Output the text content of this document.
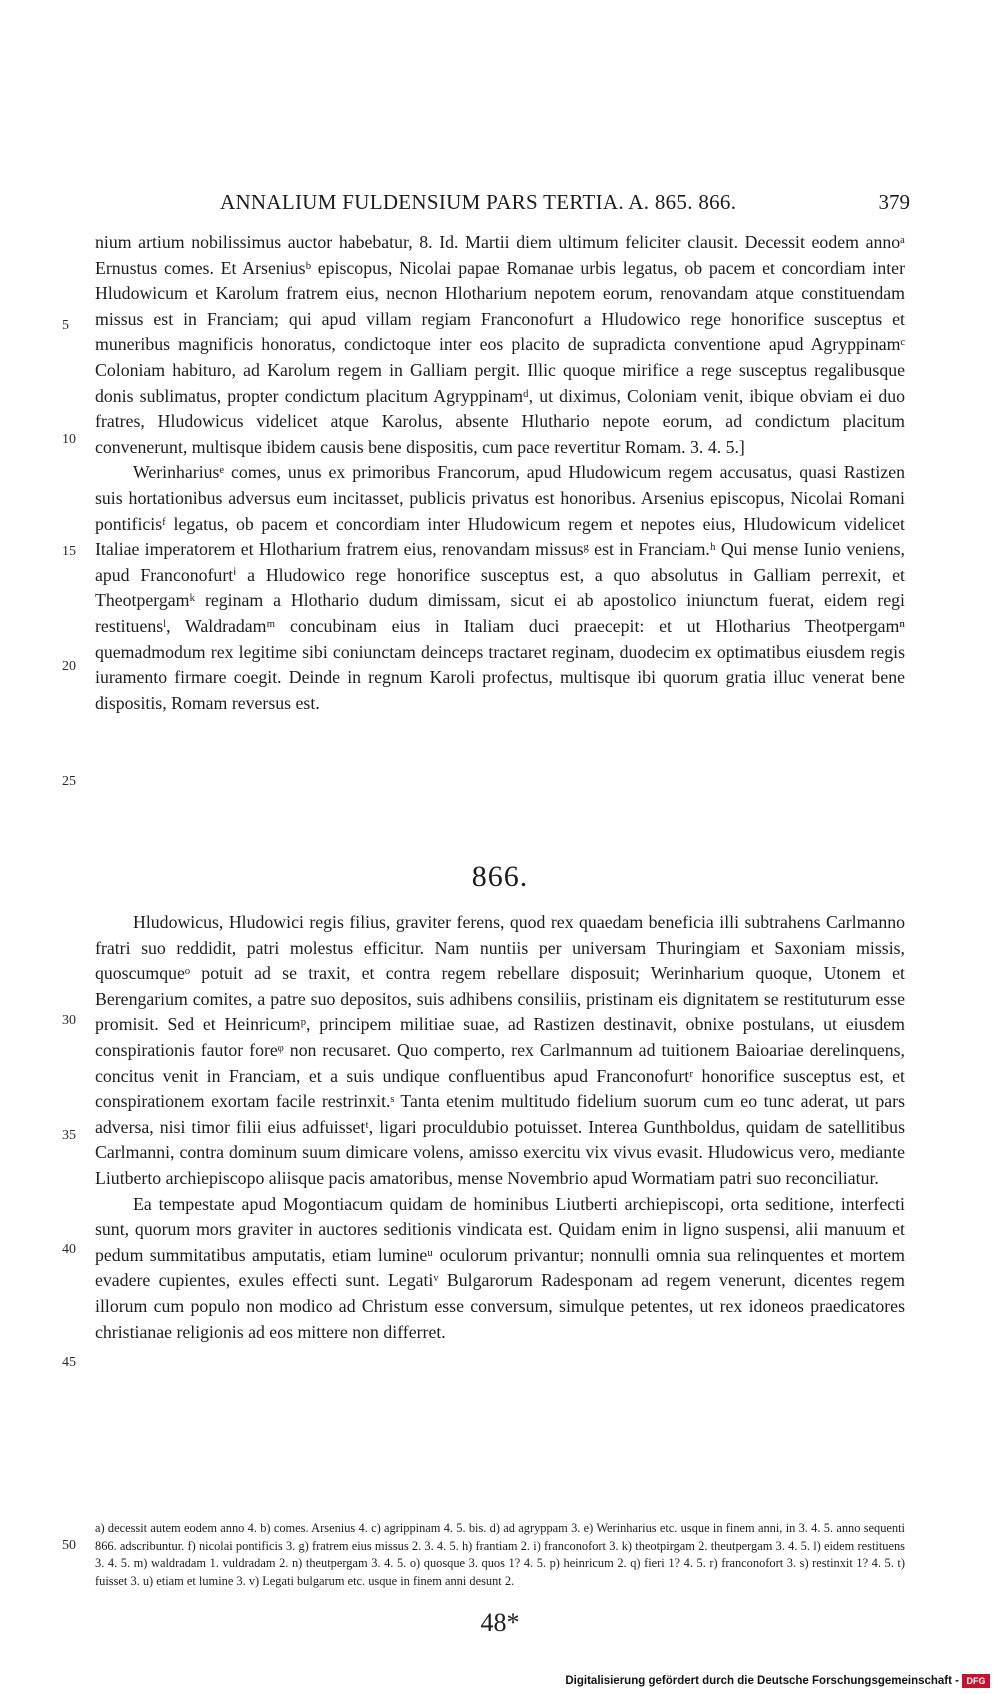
ANNALIUM FULDENSIUM PARS TERTIA. A. 865. 866.	379
5
10
15
20
25
30
35
40
45
50

nium artium nobilissimus auctor habebatur, 8. Id. Martii diem ultimum feliciter clausit. Decessit eodem annoᵃ Ernustus comes. Et Arseniusᵇ episcopus, Nicolai papae Romanae urbis legatus, ob pacem et concordiam inter Hludowicum et Karolum fratrem eius, necnon Hlotharium nepotem eorum, renovandam atque constituendam missus est in Franciam; qui apud villam regiam Franconofurt a Hludowico rege honorifice susceptus et muneribus magnificis honoratus, condictoque inter eos placito de supradicta conventione apud Agryppinamᶜ Coloniam habituro, ad Karolum regem in Galliam pergit. Illic quoque mirifice a rege susceptus regalibusque donis sublimatus, propter condictum placitum Agryppinamᵈ, ut diximus, Coloniam venit, ibique obviam ei duo fratres, Hludowicus videlicet atque Karolus, absente Hluthario nepote eorum, ad condictum placitum convenerunt, multisque ibidem causis bene dispositis, cum pace revertitur Romam. 3. 4. 5.]

Werinhariusᵉ comes, unus ex primoribus Francorum, apud Hludowicum regem accusatus, quasi Rastizen suis hortationibus adversus eum incitasset, publicis privatus est honoribus. Arsenius episcopus, Nicolai Romani pontificisᶠ legatus, ob pacem et concordiam inter Hludowicum regem et nepotes eius, Hludowicum videlicet Italiae imperatorem et Hlotharium fratrem eius, renovandam missusᵍ est in Franciam.ʰ Qui mense Iunio veniens, apud Franconofurtⁱ a Hludowico rege honorifice susceptus est, a quo absolutus in Galliam perrexit, et Theotpergamᵏ reginam a Hlothario dudum dimissam, sicut ei ab apostolico iniunctum fuerat, eidem regi restituensˡ, Waldradamᵐ concubinam eius in Italiam duci praecepit: et ut Hlotharius Theotpergamⁿ quemadmodum rex legitime sibi coniunctam deinceps tractaret reginam, duodecim ex optimatibus eiusdem regis iuramento firmare coegit. Deinde in regnum Karoli profectus, multisque ibi quorum gratia illuc venerat bene dispositis, Romam reversus est.

866.

Hludowicus, Hludowici regis filius, graviter ferens, quod rex quaedam beneficia illi subtrahens Carlmanno fratri suo reddidit, patri molestus efficitur. Nam nuntiis per universam Thuringiam et Saxoniam missis, quoscumqueᵒ potuit ad se traxit, et contra regem rebellare disposuit; Werinharium quoque, Utonem et Berengarium comites, a patre suo depositos, suis adhibens consiliis, pristinam eis dignitatem se restituturum esse promisit. Sed et Heinricumᵖ, principem militiae suae, ad Rastizen destinavit, obnixe postulans, ut eiusdem conspirationis fautor foreᵠ non recusaret. Quo comperto, rex Carlmannum ad tuitionem Baioariae derelinquens, concitus venit in Franciam, et a suis undique confluentibus apud Franconofurtʳ honorifice susceptus est, et conspirationem exortam facile restrinxit.ˢ Tanta etenim multitudo fidelium suorum cum eo tunc aderat, ut pars adversa, nisi timor filii eius adfuissetᵗ, ligari proculdubio potuisset. Interea Gunthboldus, quidam de satellitibus Carlmanni, contra dominum suum dimicare volens, amisso exercitu vix vivus evasit. Hludowicus vero, mediante Liutberto archiepiscopo aliisque pacis amatoribus, mense Novembrio apud Wormatiam patri suo reconciliatur.

Ea tempestate apud Mogontiacum quidam de hominibus Liutberti archiepiscopi, orta seditione, interfecti sunt, quorum mors graviter in auctores seditionis vindicata est. Quidam enim in ligno suspensi, alii manuum et pedum summitatibus amputatis, etiam lumineᵘ oculorum privantur; nonnulli omnia sua relinquentes et mortem evadere cupientes, exules effecti sunt. Legatiᵛ Bulgarorum Radesponam ad regem venerunt, dicentes regem illorum cum populo non modico ad Christum esse conversum, simulque petentes, ut rex idoneos praedicatores christianae religionis ad eos mittere non differret.

a) decessit autem eodem anno 4. b) comes. Arsenius 4. c) agrippinam 4. 5. bis. d) ad agryppam 3. e) Werinharius etc. usque in finem anni, in 3. 4. 5. anno sequenti 866. adscribuntur. f) nicolai pontificis 3. g) fratrem eius missus 2. 3. 4. 5. h) frantiam 2. i) franconofort 3. k) theotpirgam 2. theutpergam 3. 4. 5. l) eidem restituens 3. 4. 5. m) waldradam 1. vuldradam 2. n) theutpergam 3. 4. 5. o) quosque 3. quos 1? 4. 5. p) heinricum 2. q) fieri 1? 4. 5. r) franconofort 3. s) restinxit 1? 4. 5. t) fuisset 3. u) etiam et lumine 3. v) Legati bulgarum etc. usque in finem anni desunt 2.

48*
Digitalisierung gefördert durch die Deutsche Forschungsgemeinschaft - DFG
